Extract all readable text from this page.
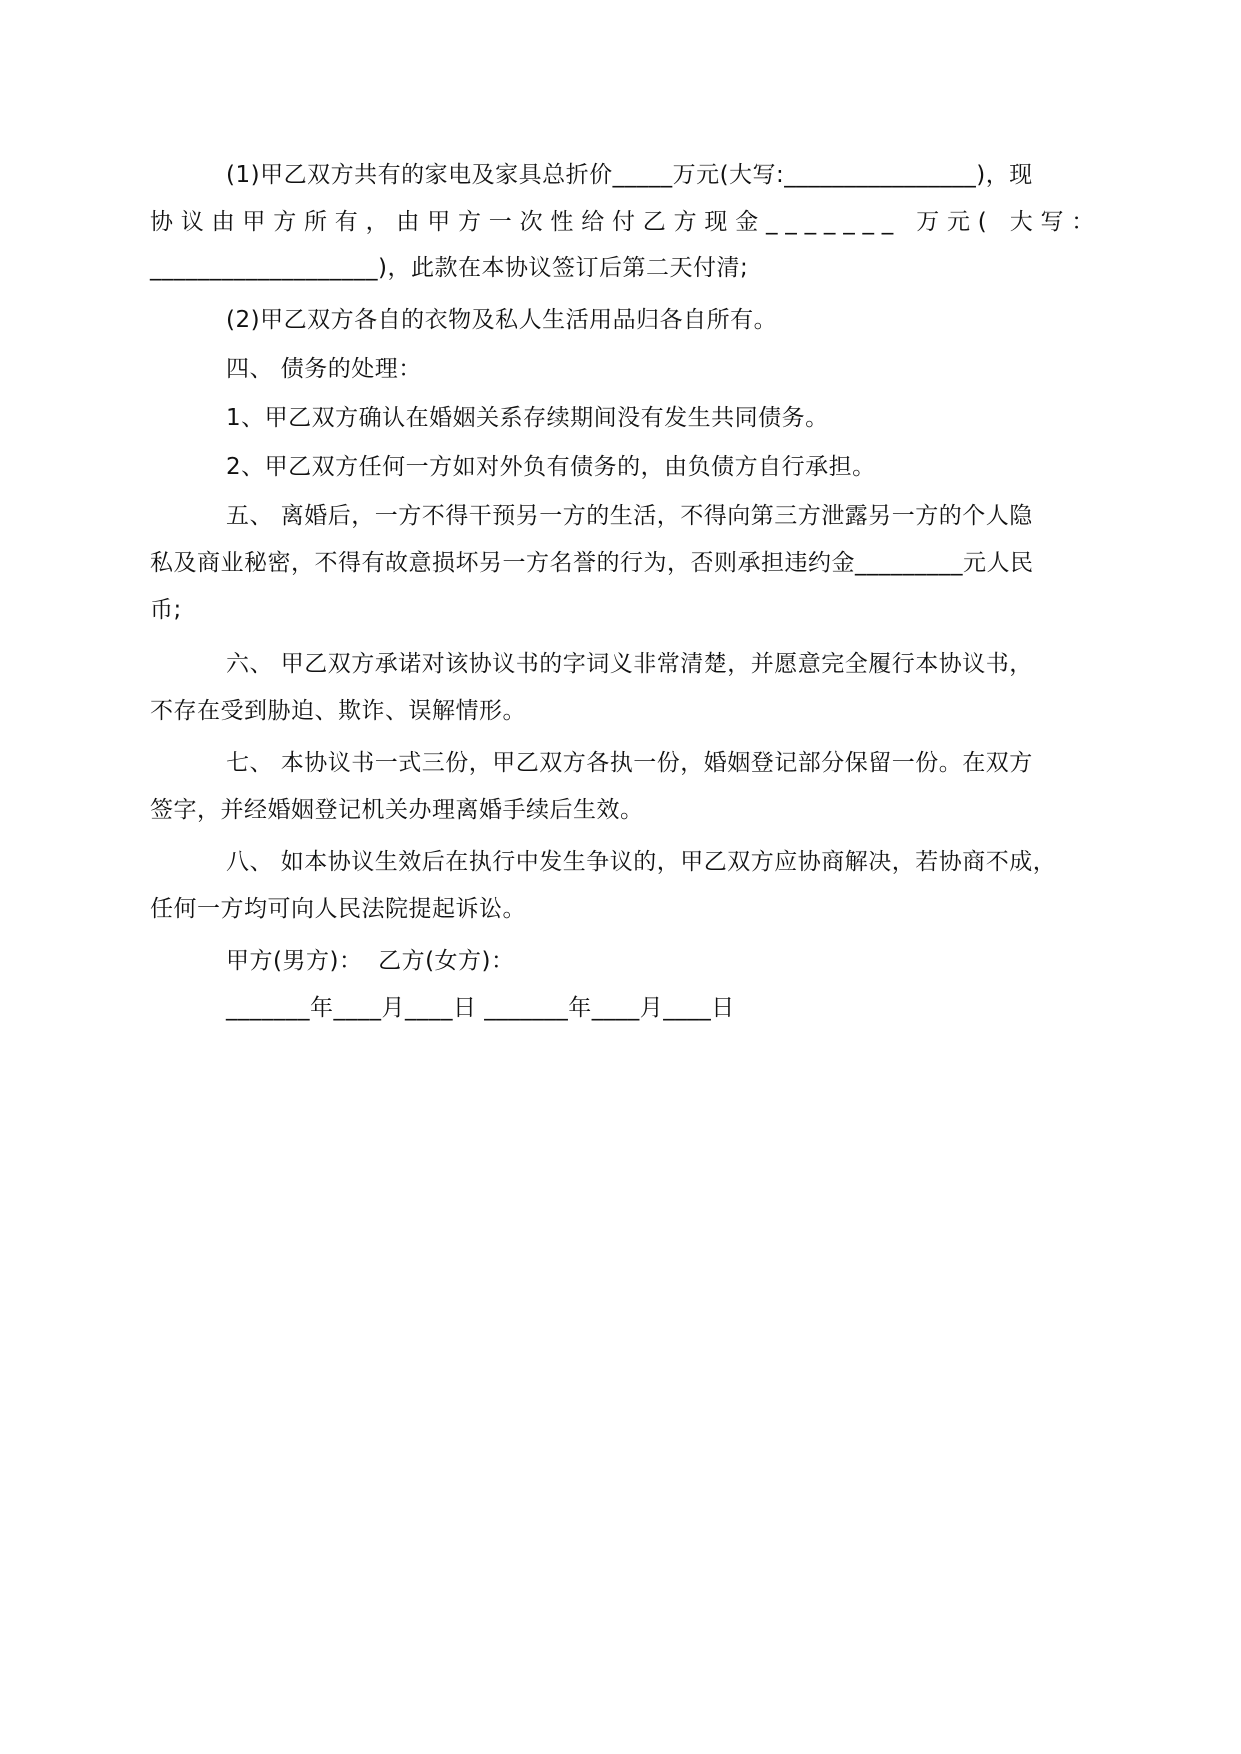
(1)甲乙双方共有的家电及家具总折价_____万元(大写:________________)，现
协议由甲方所有，由甲方一次性给付乙方现金_______ 万元( 大写：
___________________)，此款在本协议签订后第二天付清;
(2)甲乙双方各自的衣物及私人生活用品归各自所有。
四、 债务的处理：
1、甲乙双方确认在婚姻关系存续期间没有发生共同债务。
2、甲乙双方任何一方如对外负有债务的，由负债方自行承担。
五、 离婚后，一方不得干预另一方的生活，不得向第三方泄露另一方的个人隐
私及商业秘密，不得有故意损坏另一方名誉的行为，否则承担违约金_________元人民
币;
六、 甲乙双方承诺对该协议书的字词义非常清楚，并愿意完全履行本协议书，
不存在受到胁迫、欺诈、误解情形。
七、 本协议书一式三份，甲乙双方各执一份，婚姻登记部分保留一份。在双方
签字，并经婚姻登记机关办理离婚手续后生效。
八、 如本协议生效后在执行中发生争议的，甲乙双方应协商解决，若协商不成，
任何一方均可向人民法院提起诉讼。
甲方(男方)：  乙方(女方)：
_______年____月____日 _______年____月____日
